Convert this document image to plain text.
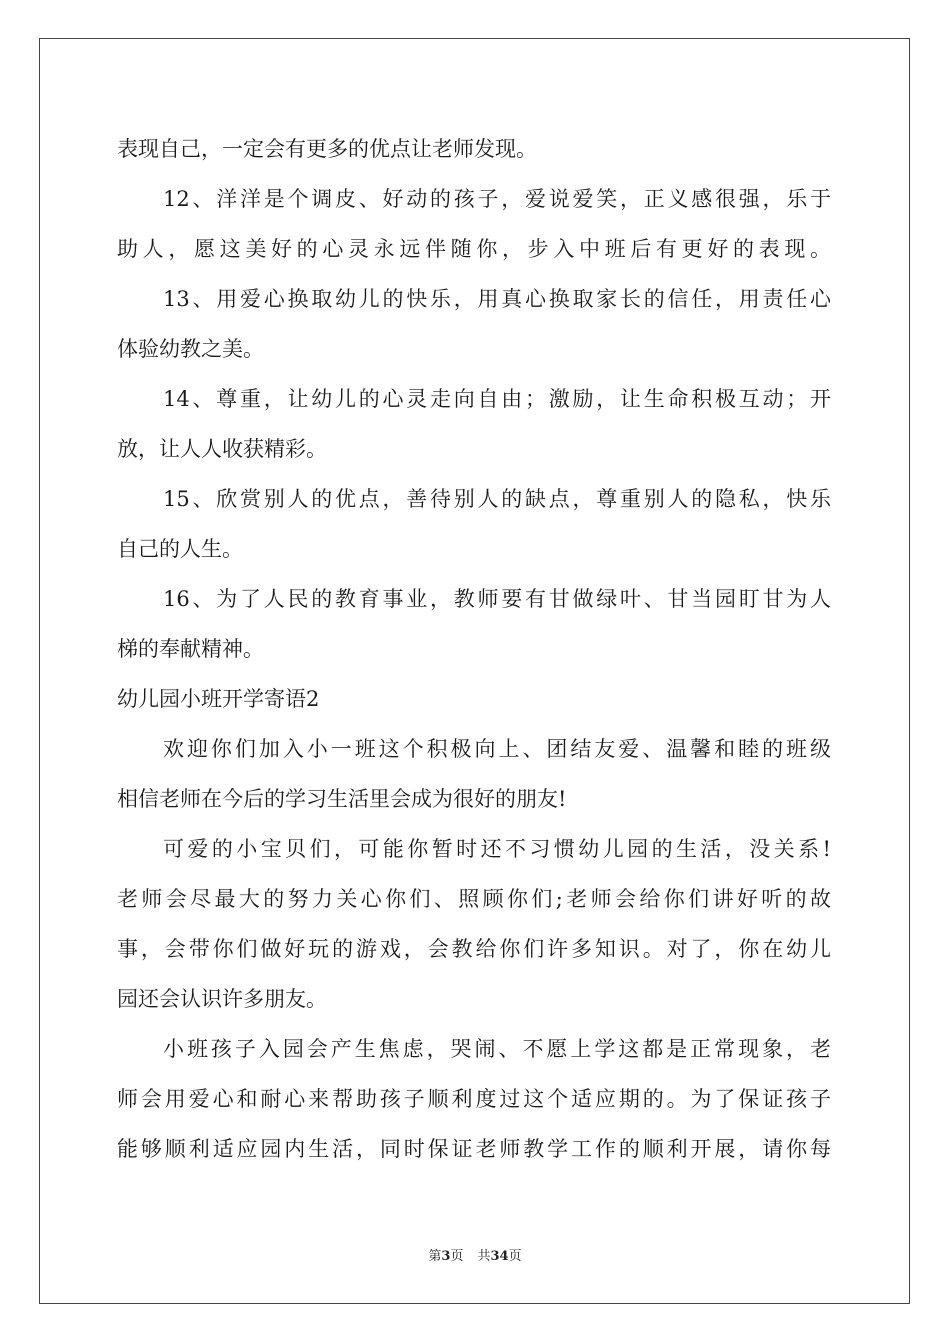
表现自己，一定会有更多的优点让老师发现。
12、洋洋是个调皮、好动的孩子，爱说爱笑，正义感很强，乐于
助人，愿这美好的心灵永远伴随你，步入中班后有更好的表现。
13、用爱心换取幼儿的快乐，用真心换取家长的信任，用责任心
体验幼教之美。
14、尊重，让幼儿的心灵走向自由；激励，让生命积极互动；开
放，让人人收获精彩。
15、欣赏别人的优点，善待别人的缺点，尊重别人的隐私，快乐
自己的人生。
16、为了人民的教育事业，教师要有甘做绿叶、甘当园盯甘为人
梯的奉献精神。
幼儿园小班开学寄语2
欢迎你们加入小一班这个积极向上、团结友爱、温馨和睦的班级
相信老师在今后的学习生活里会成为很好的朋友!
可爱的小宝贝们，可能你暂时还不习惯幼儿园的生活，没关系!
老师会尽最大的努力关心你们、照顾你们;老师会给你们讲好听的故
事，会带你们做好玩的游戏，会教给你们许多知识。对了，你在幼儿
园还会认识许多朋友。
小班孩子入园会产生焦虑，哭闹、不愿上学这都是正常现象，老
师会用爱心和耐心来帮助孩子顺利度过这个适应期的。为了保证孩子
能够顺利适应园内生活，同时保证老师教学工作的顺利开展，请你每
第3页 共34页
